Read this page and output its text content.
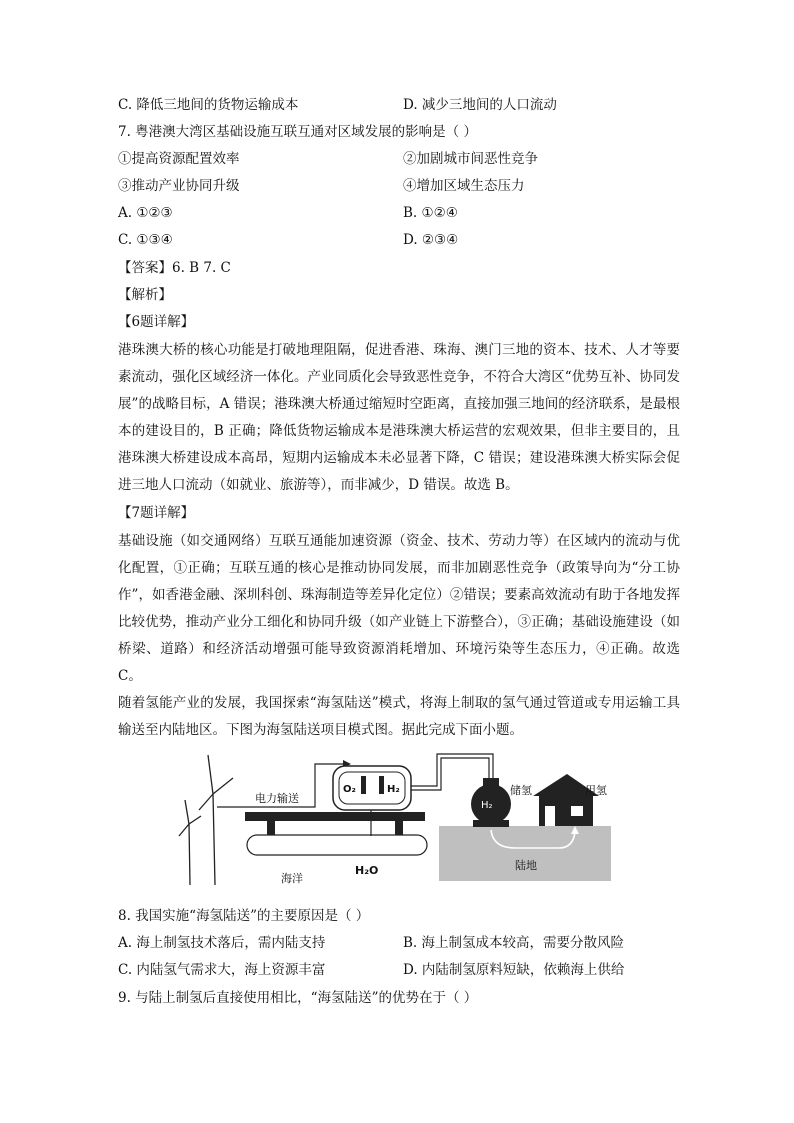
C. 降低三地间的货物运输成本	D. 减少三地间的人口流动
7. 粤港澳大湾区基础设施互联互通对区域发展的影响是（ ）
①提高资源配置效率	②加剧城市间恶性竞争
③推动产业协同升级	④增加区域生态压力
A. ①②③	B. ①②④
C. ①③④	D. ②③④
【答案】6. B 7. C
【解析】
【6题详解】
港珠澳大桥的核心功能是打破地理阻隔，促进香港、珠海、澳门三地的资本、技术、人才等要素流动，强化区域经济一体化。产业同质化会导致恶性竞争，不符合大湾区“优势互补、协同发展”的战略目标，A 错误；港珠澳大桥通过缩短时空距离，直接加强三地间的经济联系，是最根本的建设目的，B 正确；降低货物运输成本是港珠澳大桥运营的宏观效果，但非主要目的，且港珠澳大桥建设成本高昂，短期内运输成本未必显著下降，C 错误；建设港珠澳大桥实际会促进三地人口流动（如就业、旅游等），而非减少，D 错误。故选 B。
【7题详解】
基础设施（如交通网络）互联互通能加速资源（资金、技术、劳动力等）在区域内的流动与优化配置，①正确；互联互通的核心是推动协同发展，而非加剧恶性竞争（政策导向为“分工协作”，如香港金融、深圳科创、珠海制造等差异化定位）②错误；要素高效流动有助于各地发挥比较优势，推动产业分工细化和协同升级（如产业链上下游整合），③正确；基础设施建设（如桥梁、道路）和经济活动增强可能导致资源消耗增加、环境污染等生态压力，④正确。故选 C。
随着氢能产业的发展，我国探索“海氢陆送”模式，将海上制取的氢气通过管道或专用运输工具输送至内陆地区。下图为海氢陆送项目模式图。据此完成下面小题。
电力输送
O₂	H₂
H₂
储氢	用氢
陆地
海洋
H₂O
8. 我国实施“海氢陆送”的主要原因是（ ）
A. 海上制氢技术落后，需内陆支持	B. 海上制氢成本较高，需要分散风险
C. 内陆氢气需求大，海上资源丰富	D. 内陆制氢原料短缺，依赖海上供给
9. 与陆上制氢后直接使用相比，“海氢陆送”的优势在于（ ）
